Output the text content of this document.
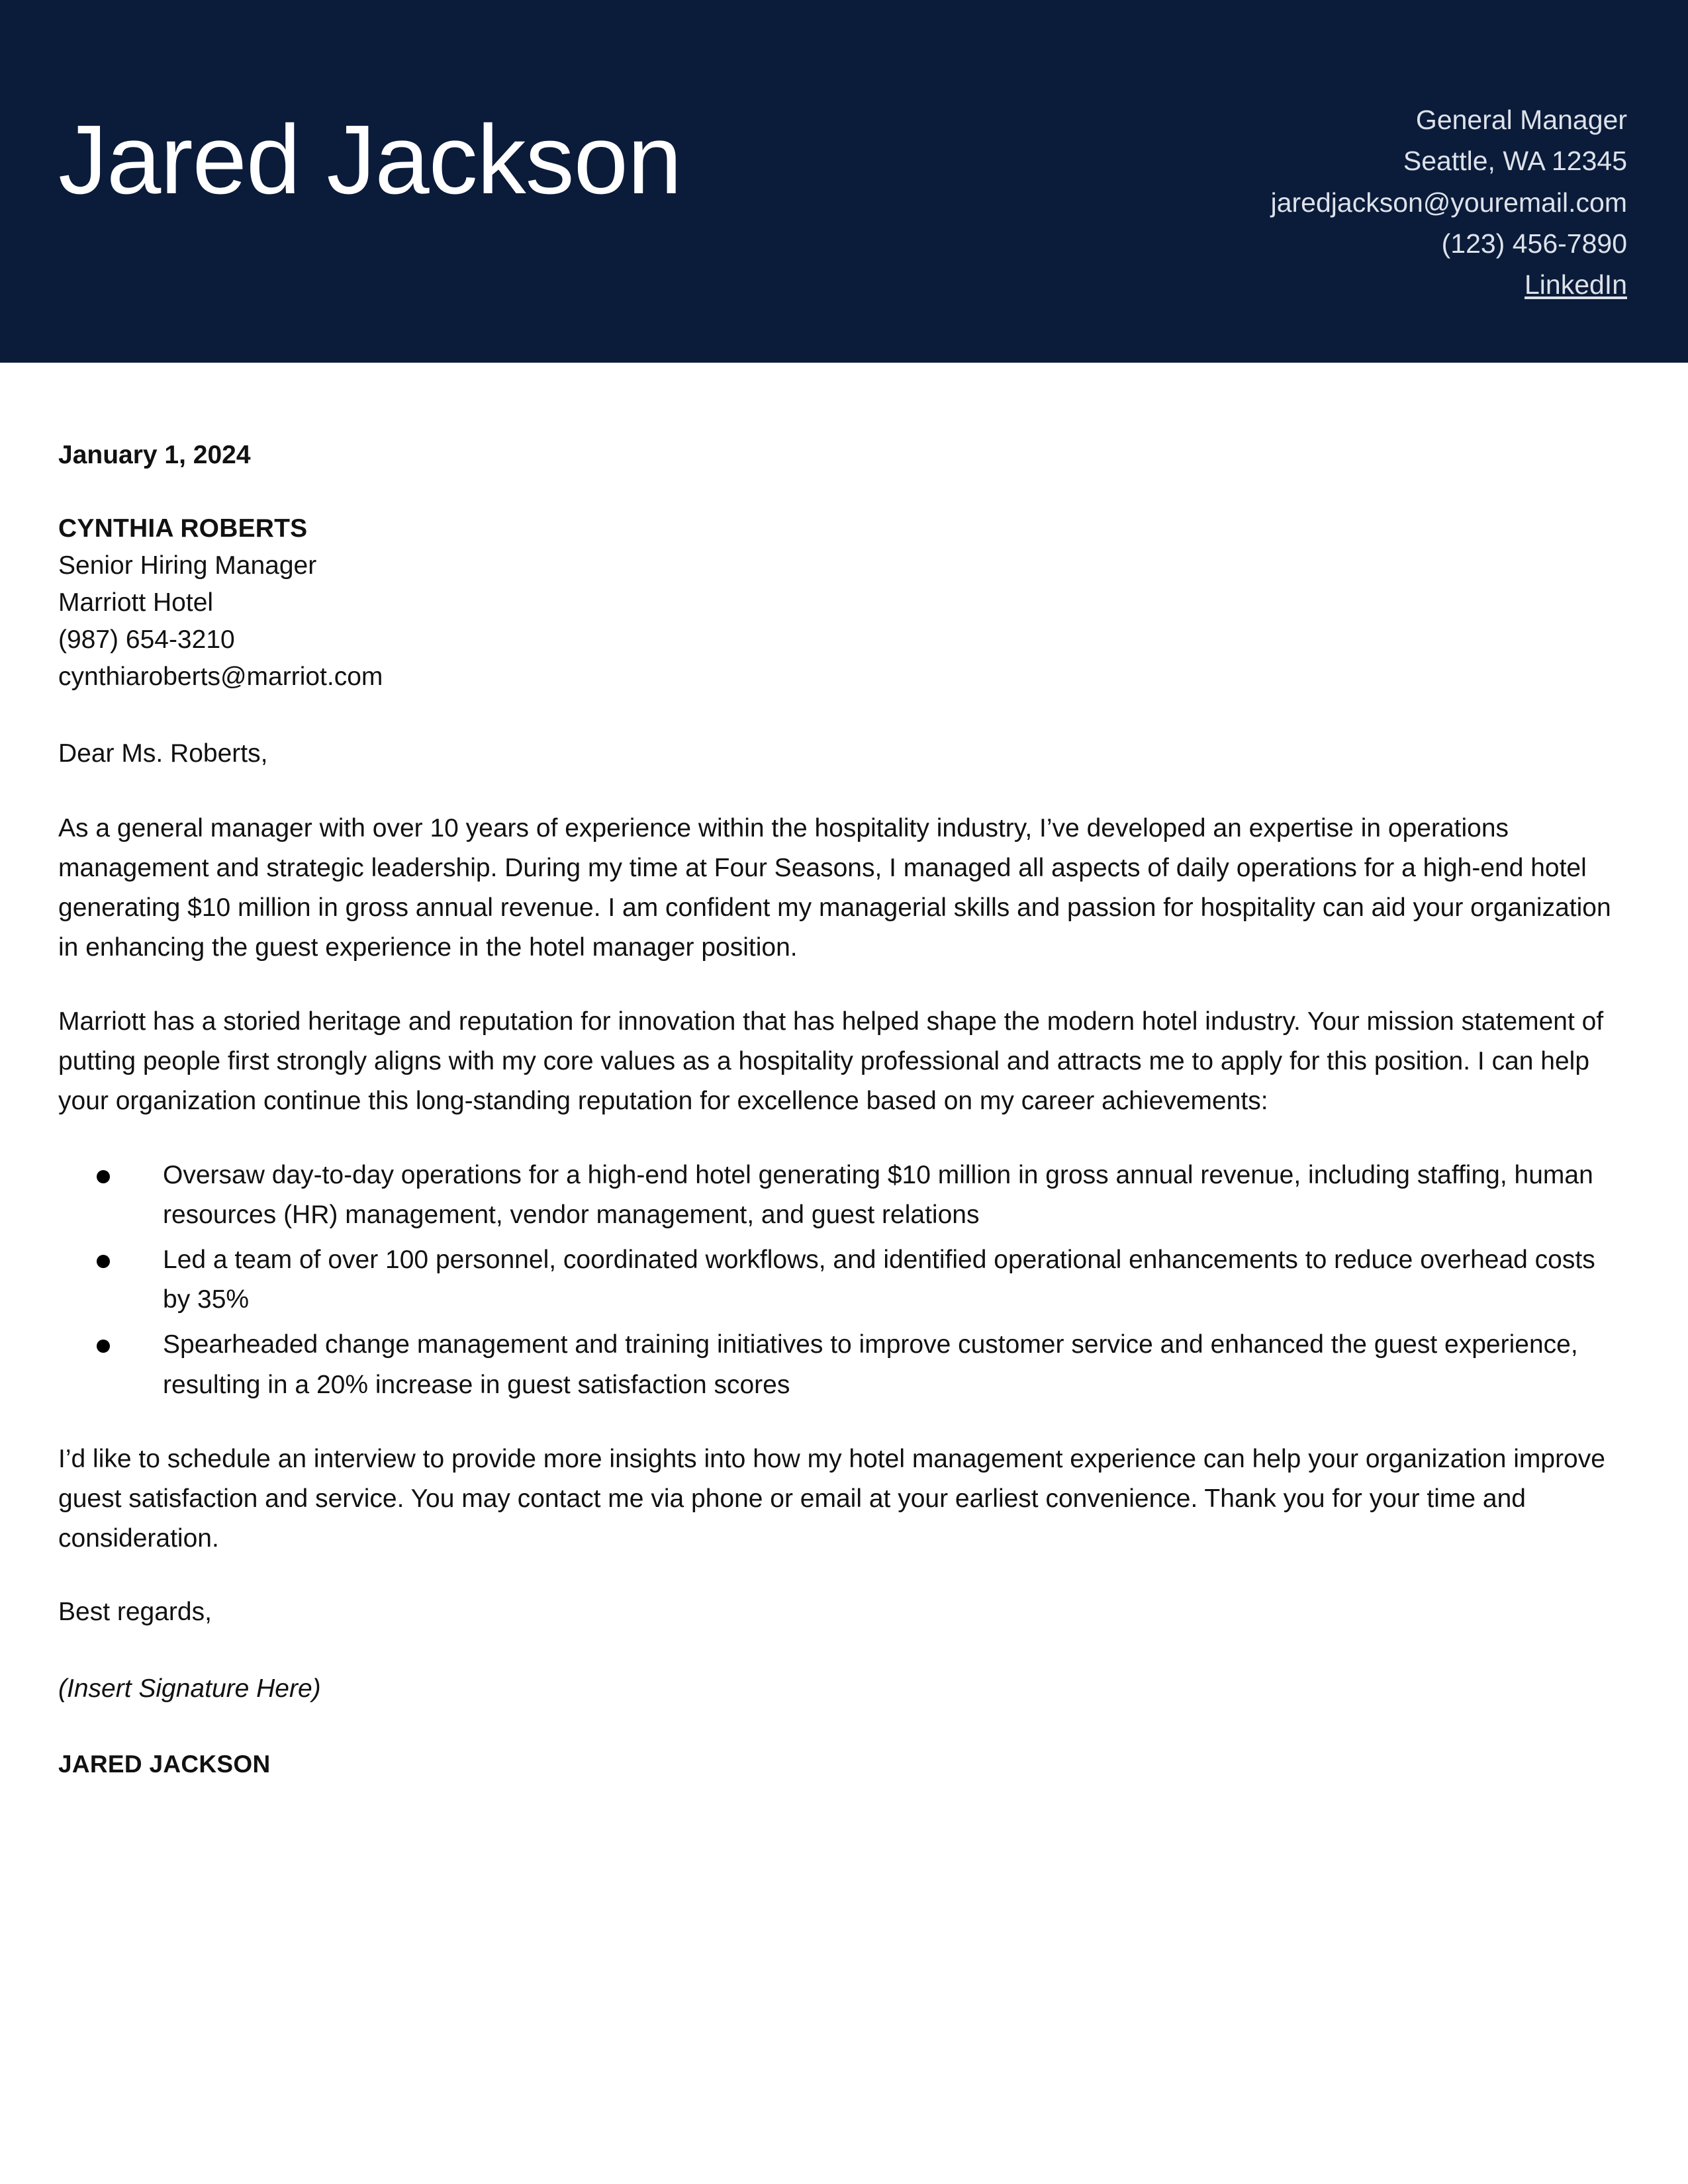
Jared Jackson	General Manager
Seattle, WA 12345
jaredjackson@youremail.com
(123) 456-7890
LinkedIn

January 1, 2024

CYNTHIA ROBERTS
Senior Hiring Manager
Marriott Hotel
(987) 654-3210
cynthiaroberts@marriot.com

Dear Ms. Roberts,

As a general manager with over 10 years of experience within the hospitality industry, I’ve developed an expertise in operations management and strategic leadership. During my time at Four Seasons, I managed all aspects of daily operations for a high-end hotel generating $10 million in gross annual revenue. I am confident my managerial skills and passion for hospitality can aid your organization in enhancing the guest experience in the hotel manager position.

Marriott has a storied heritage and reputation for innovation that has helped shape the modern hotel industry. Your mission statement of putting people first strongly aligns with my core values as a hospitality professional and attracts me to apply for this position. I can help your organization continue this long-standing reputation for excellence based on my career achievements:

Oversaw day-to-day operations for a high-end hotel generating $10 million in gross annual revenue, including staffing, human resources (HR) management, vendor management, and guest relations
Led a team of over 100 personnel, coordinated workflows, and identified operational enhancements to reduce overhead costs by 35%
Spearheaded change management and training initiatives to improve customer service and enhanced the guest experience, resulting in a 20% increase in guest satisfaction scores

I’d like to schedule an interview to provide more insights into how my hotel management experience can help your organization improve guest satisfaction and service. You may contact me via phone or email at your earliest convenience. Thank you for your time and consideration.

Best regards,

(Insert Signature Here)

JARED JACKSON
